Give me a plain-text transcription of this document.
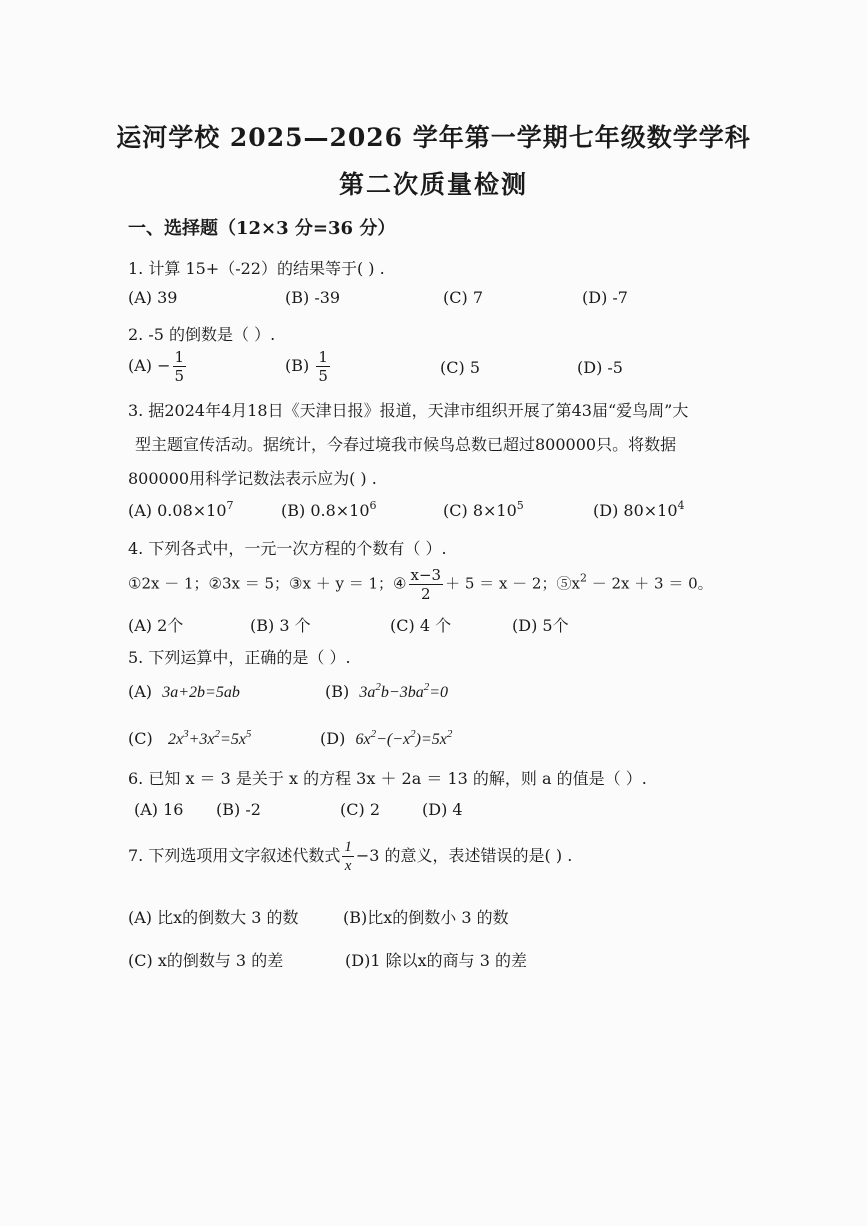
运河学校 2025—2026 学年第一学期七年级数学学科
第二次质量检测
一、选择题（12×3 分=36 分）
1. 计算 15+（-22）的结果等于( ) .
(A) 39	(B) -39	(C) 7	(D) -7
2. -5 的倒数是（ ）.
$(A) - \frac{1}{5}$	$(B) \frac{1}{5}$	(C) 5	(D) -5
3. 据2024年4月18日《天津日报》报道，天津市组织开展了第43届“爱鸟周”大
型主题宣传活动。据统计，今春过境我市候鸟总数已超过800000只。将数据
800000用科学记数法表示应为( ) .
(A) $0.08\times 10^7$	(B) $0.8\times 10^6$	(C) $8\times 10^5$	(D) $80\times 10^4$
4. 下列各式中，一元一次方程的个数有（ ）.
①2x － 1；②3x ＝ 5；③x ＋ y ＝ 1；④ $\frac{x-3}{2} + 5 = x - 2$；$⑤x^2 - 2x + 3 = 0$。
(A) 2个	(B) 3 个	(C) 4 个	(D) 5个
5. 下列运算中，正确的是（ ）.
(A) 3a+2b=5ab	(B) $3a^2b-3ba^2=0$
(C) $2x^3+3x^2=5x^5$	(D) $6x^2-(-x^2)=5x^2$
6. 已知 x ＝ 3 是关于 x 的方程 3x ＋ 2a ＝ 13 的解，则 a 的值是（ ）.
(A) 16 (B) -2	(C) 2	(D) 4
7. 下列选项用文字叙述代数式 $\frac{1}{x} -3$ 的意义，表述错误的是( ) .
(A) 比x的倒数大 3 的数	(B)比x的倒数小 3 的数
(C) x的倒数与 3 的差	(D)1 除以x的商与 3 的差
